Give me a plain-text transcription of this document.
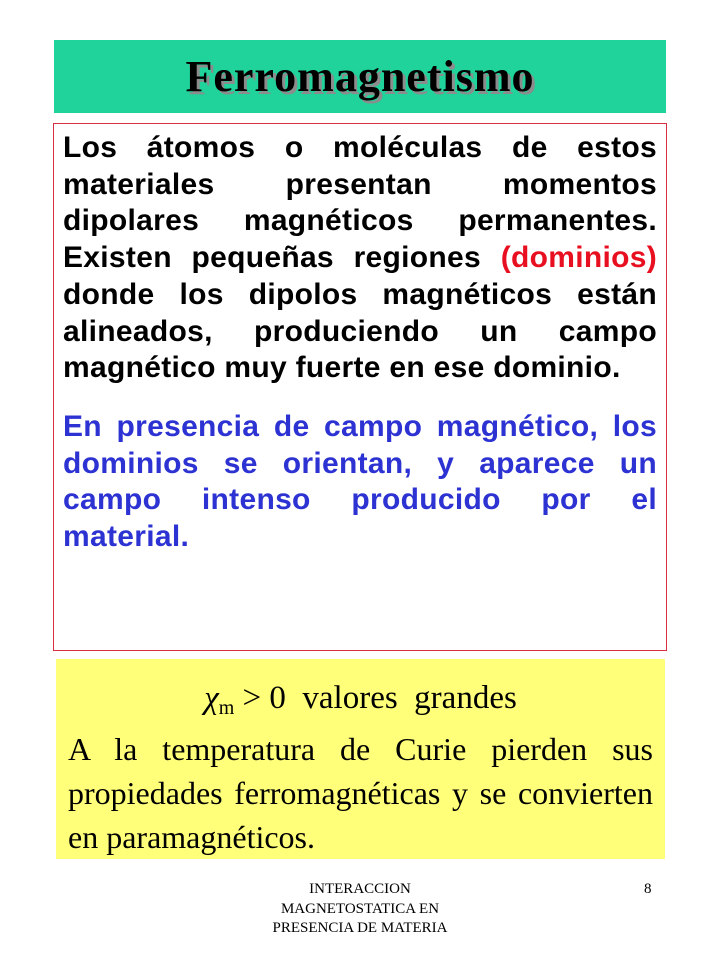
Ferromagnetismo

Los átomos o moléculas de estos materiales presentan momentos dipolares magnéticos permanentes. Existen pequeñas regiones (dominios) donde los dipolos magnéticos están alineados, produciendo un campo magnético muy fuerte en ese dominio.

En presencia de campo magnético, los dominios se orientan, y aparece un campo intenso producido por el material.

$\chi_m > 0$  valores  grandes

A la temperatura de Curie pierden sus propiedades ferromagnéticas y se convierten en paramagnéticos.

INTERACCION MAGNETOSTATICA EN PRESENCIA DE MATERIA
8
